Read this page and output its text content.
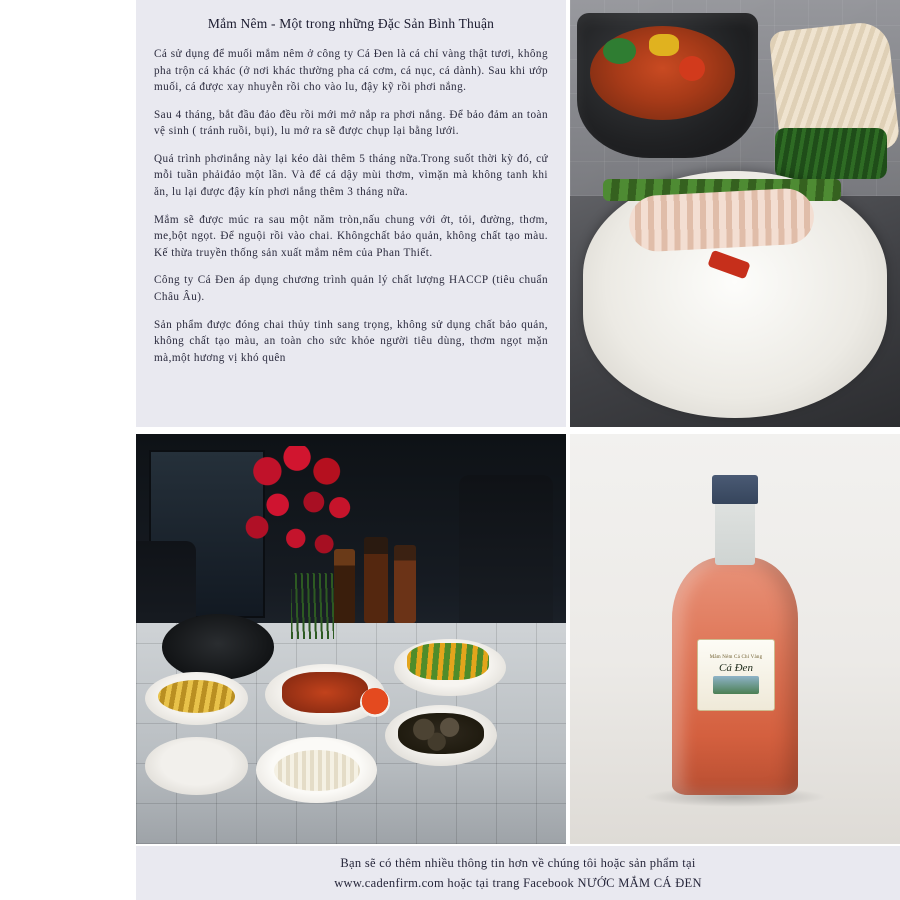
Mắm Nêm - Một trong những Đặc Sản Bình Thuận

Cá sử dụng để muối mắm nêm ở công ty Cá Đen là cá chỉ vàng thật tươi, không pha trộn cá khác (ở nơi khác thường pha cá cơm, cá nục, cá dành). Sau khi ướp muối, cá được xay nhuyễn rồi cho vào lu, đậy kỹ rồi phơi nắng.

Sau 4 tháng, bắt đầu đảo đều rồi mới mở nắp ra phơi nắng. Để bảo đảm an toàn vệ sinh ( tránh ruồi, bụi), lu mở ra sẽ được chụp lại bằng lưới.

Quá trình phơinắng này lại kéo dài thêm 5 tháng nữa.Trong suốt thời kỳ đó, cứ mỗi tuần phảiđảo một lần. Và để cá dậy mùi thơm, vìmặn mà không tanh khi ăn, lu lại được đậy kín phơi nắng thêm 3 tháng nữa.

Mắm sẽ được múc ra sau một năm tròn,nấu chung với ớt, tỏi, đường, thơm, me,bột ngọt. Để nguội rồi vào chai. Khôngchất bảo quản, không chất tạo màu. Kế thừa truyền thống sản xuất mắm nêm của Phan Thiết.

Công ty Cá Đen áp dụng chương trình quản lý chất lượng HACCP (tiêu chuẩn Châu Âu).

Sản phẩm được đóng chai thủy tinh sang trọng, không sử dụng chất bảo quản, không chất tạo màu, an toàn cho sức khỏe người tiêu dùng, thơm ngọt mặn mà,một hương vị khó quên

Mắm Nêm Cá Chỉ Vàng
Cá Đen
Bạn sẽ có thêm nhiều thông tin hơn về chúng tôi hoặc sản phẩm tại
www.cadenfirm.com hoặc tại trang Facebook NƯỚC MẮM CÁ ĐEN
